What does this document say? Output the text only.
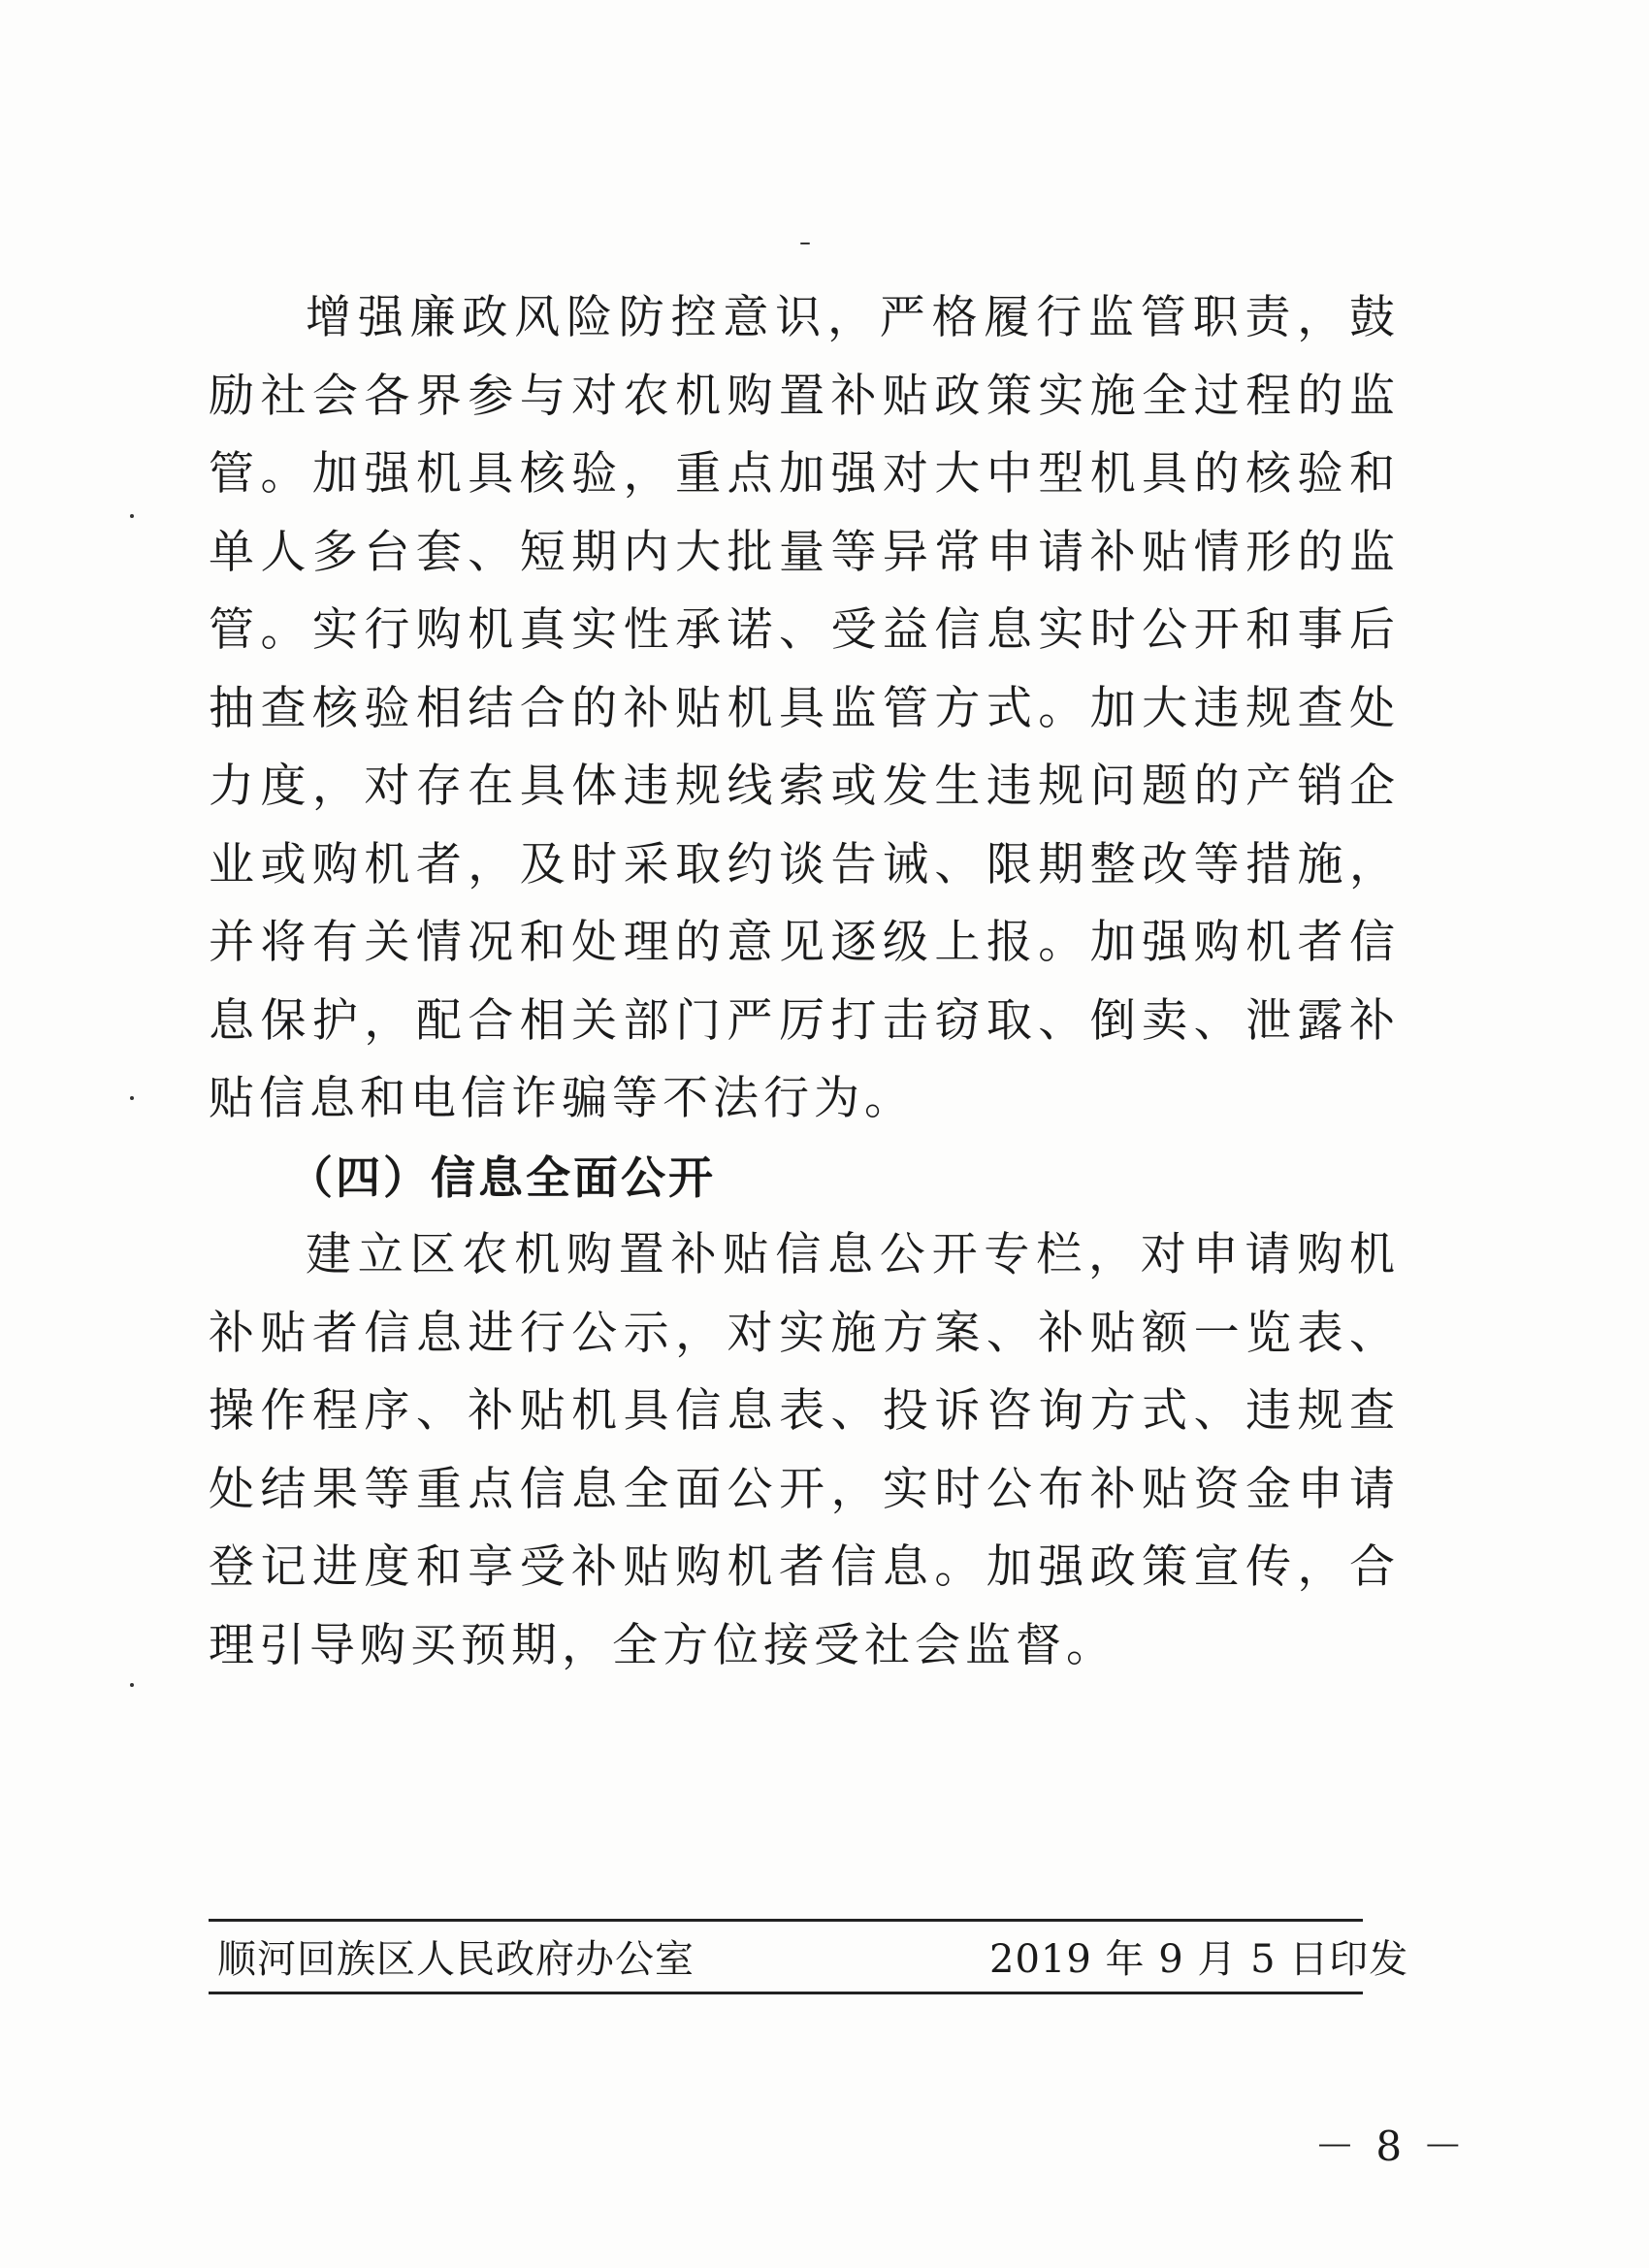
增强廉政风险防控意识，严格履行监管职责，鼓励社会各界参与对农机购置补贴政策实施全过程的监管。加强机具核验，重点加强对大中型机具的核验和单人多台套、短期内大批量等异常申请补贴情形的监管。实行购机真实性承诺、受益信息实时公开和事后抽查核验相结合的补贴机具监管方式。加大违规查处力度，对存在具体违规线索或发生违规问题的产销企业或购机者，及时采取约谈告诫、限期整改等措施，并将有关情况和处理的意见逐级上报。加强购机者信息保护，配合相关部门严厉打击窃取、倒卖、泄露补贴信息和电信诈骗等不法行为。

（四）信息全面公开

建立区农机购置补贴信息公开专栏，对申请购机补贴者信息进行公示，对实施方案、补贴额一览表、操作程序、补贴机具信息表、投诉咨询方式、违规查处结果等重点信息全面公开，实时公布补贴资金申请登记进度和享受补贴购机者信息。加强政策宣传，合理引导购买预期，全方位接受社会监督。

顺河回族区人民政府办公室	2019 年 9 月 5 日印发
－ 8 －
